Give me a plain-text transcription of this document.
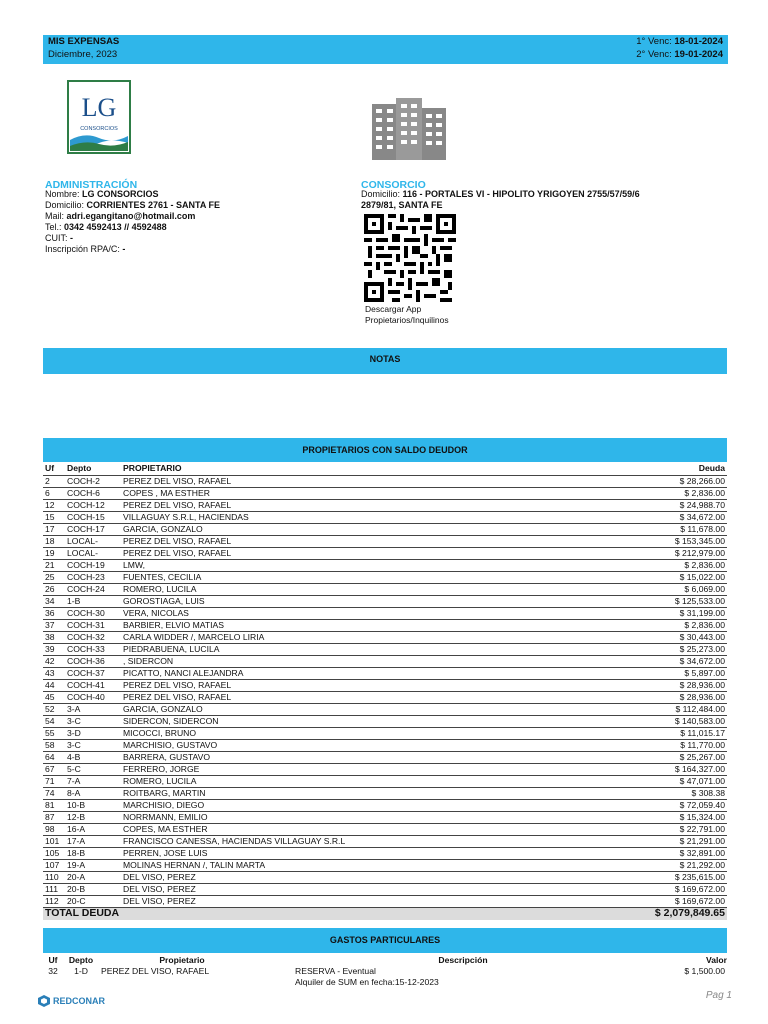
MIS EXPENSAS
Diciembre, 2023
1° Venc: 18-01-2024
2° Venc: 19-01-2024
LG
CONSORCIOS
ADMINISTRACIÓN
Nombre: LG CONSORCIOS
Domicilio: CORRIENTES 2761 - SANTA FE
Mail: adri.egangitano@hotmail.com
Tel.: 0342 4592413 // 4592488
CUIT: -
Inscripción RPA/C: -
CONSORCIO
Domicilio: 116 - PORTALES VI - HIPOLITO YRIGOYEN 2755/57/59/6
2879/81, SANTA FE
Descargar App
Propietarios/Inquilinos
NOTAS
PROPIETARIOS CON SALDO DEUDOR
Uf	Depto	PROPIETARIO	Deuda
2	COCH-2	PEREZ DEL VISO, RAFAEL	$ 28,266.00
6	COCH-6	COPES , MA ESTHER	$ 2,836.00
12	COCH-12	PEREZ DEL VISO, RAFAEL	$ 24,988.70
15	COCH-15	VILLAGUAY S.R.L, HACIENDAS	$ 34,672.00
17	COCH-17	GARCIA, GONZALO	$ 11,678.00
18	LOCAL-	PEREZ DEL VISO, RAFAEL	$ 153,345.00
19	LOCAL-	PEREZ DEL VISO, RAFAEL	$ 212,979.00
21	COCH-19	LMW,	$ 2,836.00
25	COCH-23	FUENTES, CECILIA	$ 15,022.00
26	COCH-24	ROMERO, LUCILA	$ 6,069.00
34	1-B	GOROSTIAGA, LUIS	$ 125,533.00
36	COCH-30	VERA, NICOLAS	$ 31,199.00
37	COCH-31	BARBIER, ELVIO MATIAS	$ 2,836.00
38	COCH-32	CARLA WIDDER /, MARCELO LIRIA	$ 30,443.00
39	COCH-33	PIEDRABUENA, LUCILA	$ 25,273.00
42	COCH-36	, SIDERCON	$ 34,672.00
43	COCH-37	PICATTO, NANCI ALEJANDRA	$ 5,897.00
44	COCH-41	PEREZ DEL VISO, RAFAEL	$ 28,936.00
45	COCH-40	PEREZ DEL VISO, RAFAEL	$ 28,936.00
52	3-A	GARCIA, GONZALO	$ 112,484.00
54	3-C	SIDERCON, SIDERCON	$ 140,583.00
55	3-D	MICOCCI, BRUNO	$ 11,015.17
58	3-C	MARCHISIO, GUSTAVO	$ 11,770.00
64	4-B	BARRERA, GUSTAVO	$ 25,267.00
67	5-C	FERRERO, JORGE	$ 164,327.00
71	7-A	ROMERO, LUCILA	$ 47,071.00
74	8-A	ROITBARG, MARTIN	$ 308.38
81	10-B	MARCHISIO, DIEGO	$ 72,059.40
87	12-B	NORRMANN, EMILIO	$ 15,324.00
98	16-A	COPES, MA ESTHER	$ 22,791.00
101	17-A	FRANCISCO CANESSA, HACIENDAS VILLAGUAY S.R.L	$ 21,291.00
105	18-B	PERREN, JOSE LUIS	$ 32,891.00
107	19-A	MOLINAS HERNAN /, TALIN MARTA	$ 21,292.00
110	20-A	DEL VISO, PEREZ	$ 235,615.00
111	20-B	DEL VISO, PEREZ	$ 169,672.00
112	20-C	DEL VISO, PEREZ	$ 169,672.00
TOTAL DEUDA			$ 2,079,849.65
GASTOS PARTICULARES
Uf	Depto	Propietario	Descripción	Valor
32	1-D	PEREZ DEL VISO, RAFAEL	RESERVA - Eventual
Alquiler de SUM en fecha:15-12-2023	$ 1,500.00
REDCONAR	Pag 1
